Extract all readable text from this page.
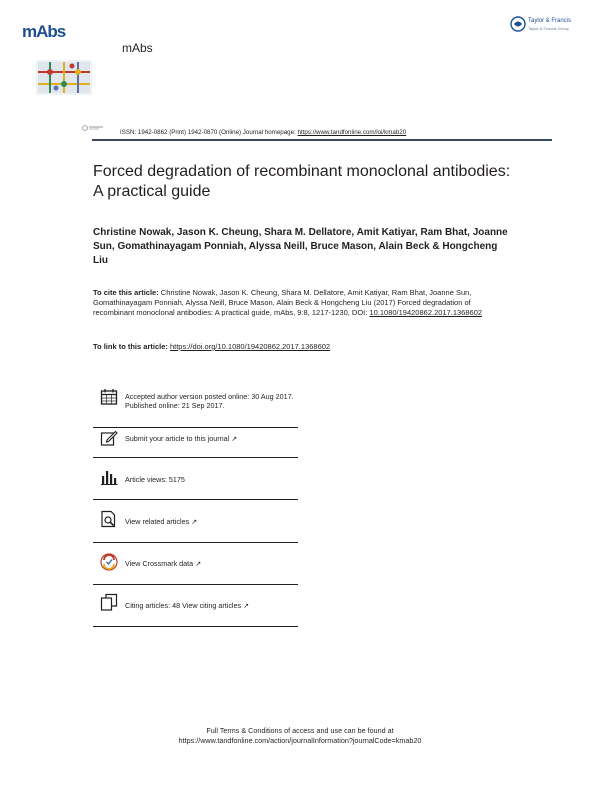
mAbs
mAbs
Taylor & Francis
Taylor & Francis Group
ISSN: 1942-0862 (Print) 1942-0870 (Online) Journal homepage: https://www.tandfonline.com/loi/kmab20
Forced degradation of recombinant monoclonal antibodies: A practical guide
Christine Nowak, Jason K. Cheung, Shara M. Dellatore, Amit Katiyar, Ram Bhat, Joanne Sun, Gomathinayagam Ponniah, Alyssa Neill, Bruce Mason, Alain Beck & Hongcheng Liu
To cite this article: Christine Nowak, Jason K. Cheung, Shara M. Dellatore, Amit Katiyar, Ram Bhat, Joanne Sun, Gomathinayagam Ponniah, Alyssa Neill, Bruce Mason, Alain Beck & Hongcheng Liu (2017) Forced degradation of recombinant monoclonal antibodies: A practical guide, mAbs, 9:8, 1217-1230, DOI: 10.1080/19420862.2017.1368602
To link to this article: https://doi.org/10.1080/19420862.2017.1368602
Accepted author version posted online: 30 Aug 2017.
Published online: 21 Sep 2017.
Submit your article to this journal ↗
Article views: 5175
View related articles ↗
View Crossmark data ↗
Citing articles: 48 View citing articles ↗
Full Terms & Conditions of access and use can be found at
https://www.tandfonline.com/action/journalInformation?journalCode=kmab20
